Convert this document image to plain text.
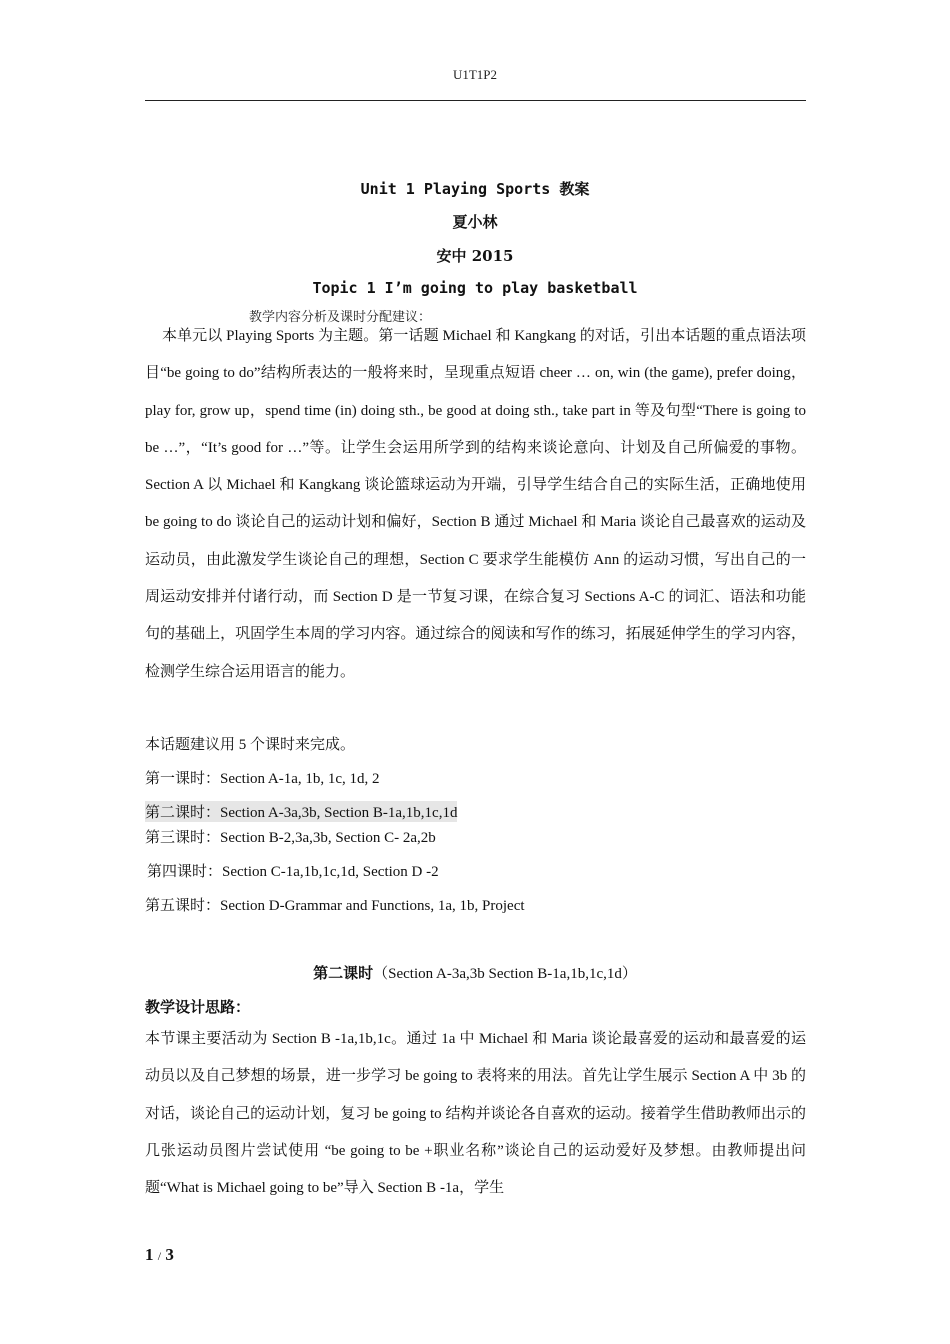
U1T1P2
Unit 1 Playing Sports 教案
夏小林
安中 2015
Topic 1 I’m going to play basketball
教学内容分析及课时分配建议：
本单元以 Playing Sports 为主题。第一话题 Michael 和 Kangkang 的对话，引出本话题的重点语法项目“be going to do”结构所表达的一般将来时，呈现重点短语 cheer … on, win (the game), prefer doing，play for, grow up，spend time (in) doing sth., be good at doing sth., take part in 等及句型“There is going to be …”，“It’s good for …”等。让学生会运用所学到的结构来谈论意向、计划及自己所偏爱的事物。Section A 以 Michael 和 Kangkang 谈论篮球运动为开端，引导学生结合自己的实际生活，正确地使用 be going to do 谈论自己的运动计划和偏好，Section B 通过 Michael 和 Maria 谈论自己最喜欢的运动及运动员，由此激发学生谈论自己的理想，Section C 要求学生能模仿 Ann 的运动习惯，写出自己的一周运动安排并付诸行动，而 Section D 是一节复习课，在综合复习 Sections A-C 的词汇、语法和功能句的基础上，巩固学生本周的学习内容。通过综合的阅读和写作的练习，拓展延伸学生的学习内容，检测学生综合运用语言的能力。
本话题建议用 5 个课时来完成。
第一课时：Section A-1a, 1b, 1c, 1d, 2
第二课时：Section A-3a,3b, Section B-1a,1b,1c,1d
第三课时：Section B-2,3a,3b, Section C- 2a,2b
第四课时：Section C-1a,1b,1c,1d, Section D -2
第五课时：Section D-Grammar and Functions, 1a, 1b, Project
第二课时（Section A-3a,3b Section B-1a,1b,1c,1d）
教学设计思路：
本节课主要活动为 Section B -1a,1b,1c。通过 1a 中 Michael 和 Maria 谈论最喜爱的运动和最喜爱的运动员以及自己梦想的场景，进一步学习 be going to 表将来的用法。首先让学生展示 Section A 中 3b 的对话，谈论自己的运动计划，复习 be going to 结构并谈论各自喜欢的运动。接着学生借助教师出示的几张运动员图片尝试使用 “be going to be +职业名称”谈论自己的运动爱好及梦想。由教师提出问题“What is Michael going to be”导入 Section B -1a，学生
1 / 3
